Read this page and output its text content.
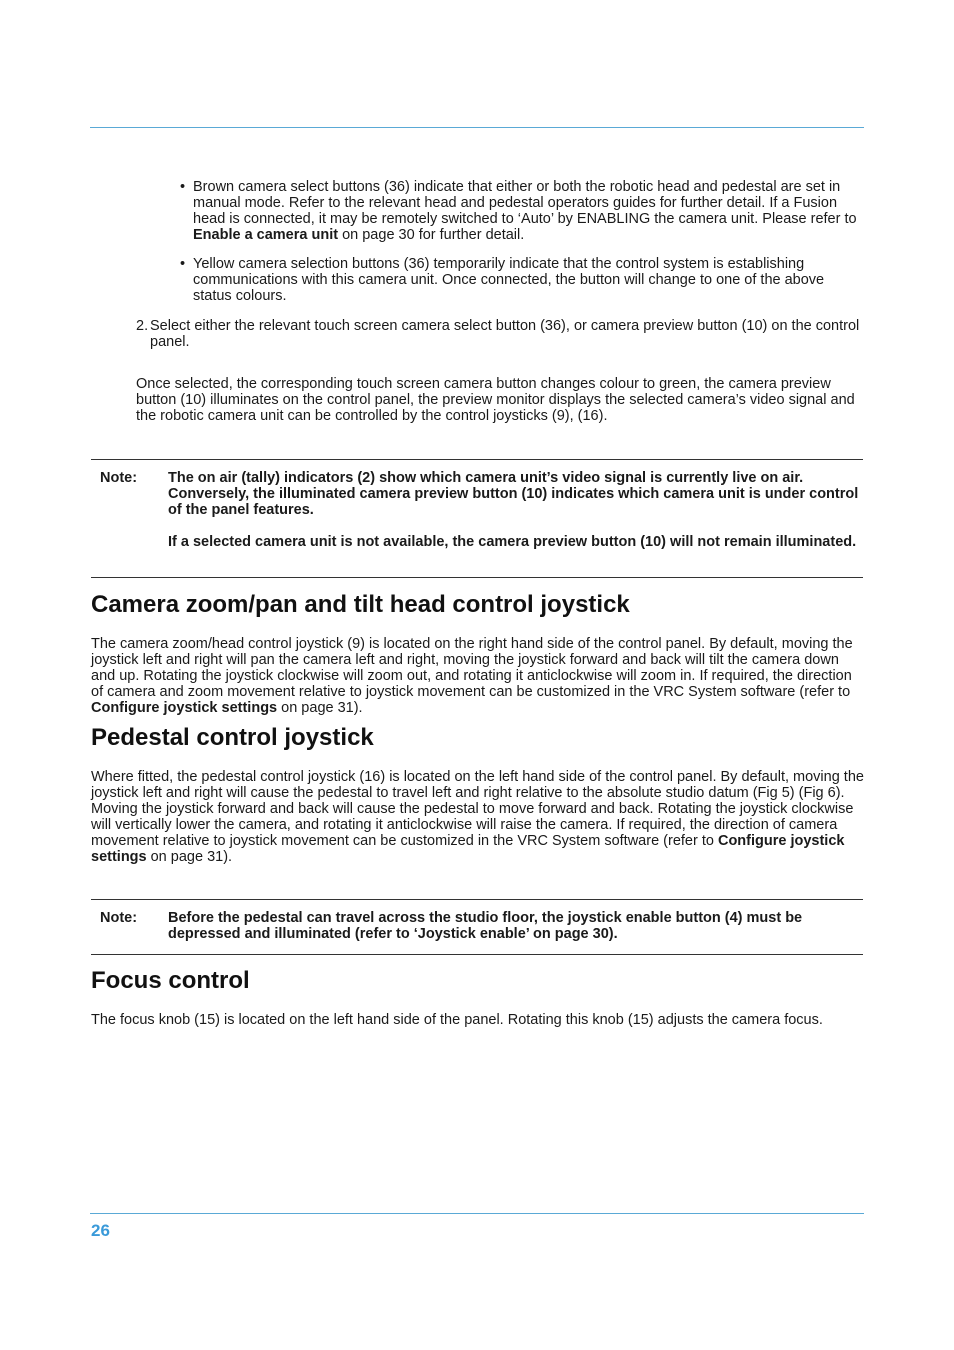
• Brown camera select buttons (36) indicate that either or both the robotic head and pedestal are set in manual mode. Refer to the relevant head and pedestal operators guides for further detail. If a Fusion head is connected, it may be remotely switched to ‘Auto’ by ENABLING the camera unit. Please refer to Enable a camera unit on page 30 for further detail.
• Yellow camera selection buttons (36) temporarily indicate that the control system is establishing communications with this camera unit. Once connected, the button will change to one of the above status colours.
2. Select either the relevant touch screen camera select button (36), or camera preview button (10) on the control panel.

Once selected, the corresponding touch screen camera button changes colour to green, the camera preview button (10) illuminates on the control panel, the preview monitor displays the selected camera’s video signal and the robotic camera unit can be controlled by the control joysticks (9), (16).

Note: The on air (tally) indicators (2) show which camera unit’s video signal is currently live on air. Conversely, the illuminated camera preview button (10) indicates which camera unit is under control of the panel features.

If a selected camera unit is not available, the camera preview button (10) will not remain illuminated.

Camera zoom/pan and tilt head control joystick

The camera zoom/head control joystick (9) is located on the right hand side of the control panel. By default, moving the joystick left and right will pan the camera left and right, moving the joystick forward and back will tilt the camera down and up. Rotating the joystick clockwise will zoom out, and rotating it anticlockwise will zoom in. If required, the direction of camera and zoom movement relative to joystick movement can be customized in the VRC System software (refer to Configure joystick settings on page 31).

Pedestal control joystick

Where fitted, the pedestal control joystick (16) is located on the left hand side of the control panel. By default, moving the joystick left and right will cause the pedestal to travel left and right relative to the absolute studio datum (Fig 5) (Fig 6). Moving the joystick forward and back will cause the pedestal to move forward and back. Rotating the joystick clockwise will vertically lower the camera, and rotating it anticlockwise will raise the camera. If required, the direction of camera movement relative to joystick movement can be customized in the VRC System software (refer to Configure joystick settings on page 31).

Note: Before the pedestal can travel across the studio floor, the joystick enable button (4) must be depressed and illuminated (refer to ‘Joystick enable’ on page 30).

Focus control

The focus knob (15) is located on the left hand side of the panel. Rotating this knob (15) adjusts the camera focus.

26
